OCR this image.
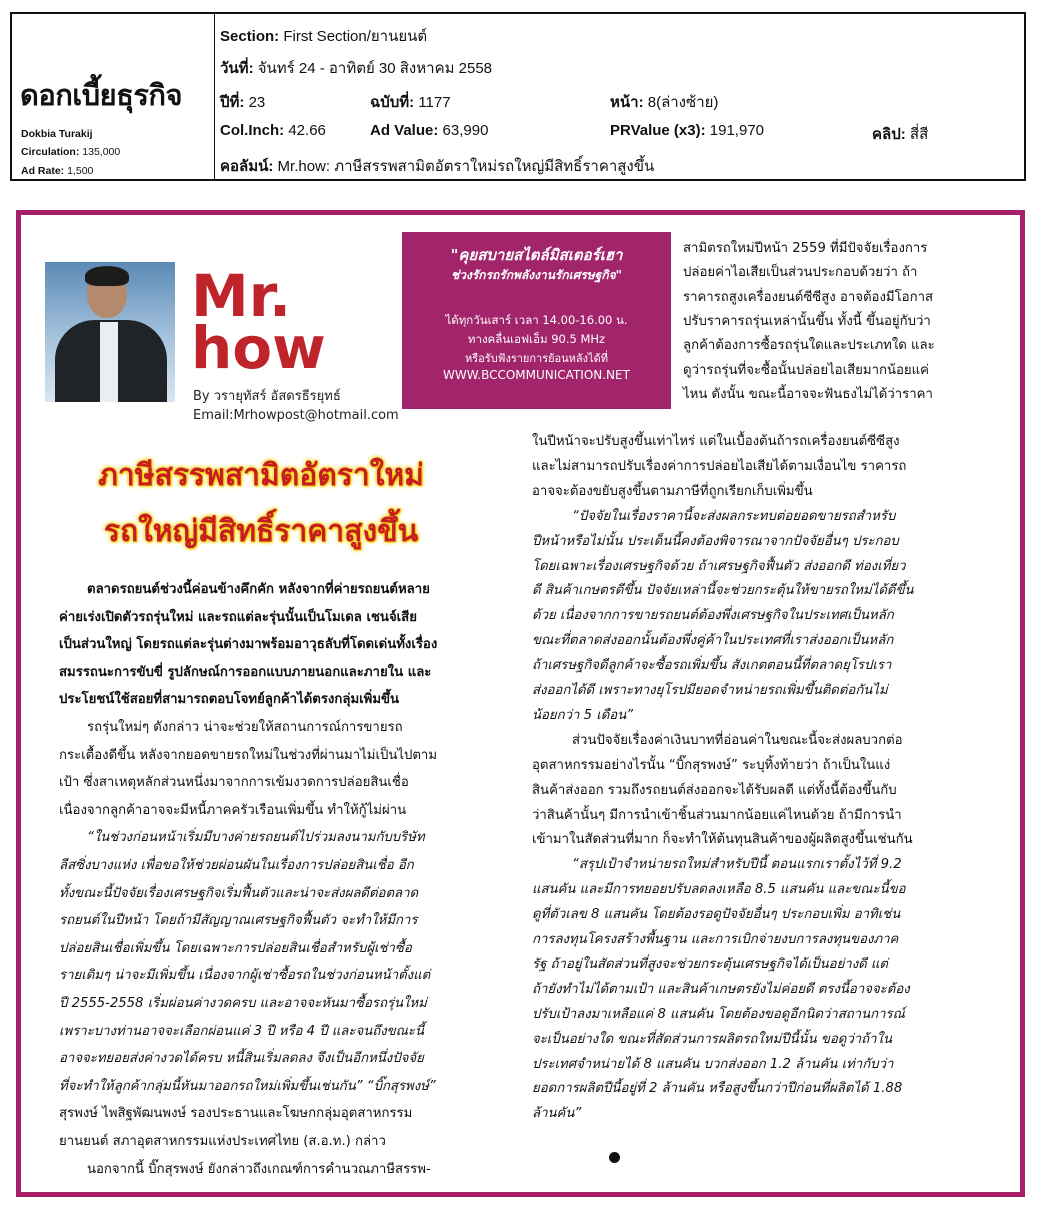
ดอกเบี้ยธุรกิจ
Dokbia Turakij
Circulation: 135,000
Ad Rate: 1,500
Section: First Section/ยานยนต์
วันที่: จันทร์ 24 - อาทิตย์ 30 สิงหาคม 2558
ปีที่: 23	ฉบับที่: 1177	หน้า: 8(ล่างซ้าย)
Col.Inch: 42.66	Ad Value: 63,990	PRValue (x3): 191,970	คลิป: สี่สี
คอลัมน์: Mr.how: ภาษีสรรพสามิตอัตราใหม่รถใหญ่มีสิทธิ์ราคาสูงขึ้น
Mr.
how
By วรายุทัสร์ อัสดรธีรยุทธ์
Email:Mrhowpost@hotmail.com
"คุยสบายสไตล์มิสเตอร์เฮา
ช่วงรักรถรักพลังงานรักเศรษฐกิจ"
ได้ทุกวันเสาร์ เวลา 14.00-16.00 น.
ทางคลื่นเอฟเอ็ม 90.5 MHz
หรือรับฟังรายการย้อนหลังได้ที่
WWW.BCCOMMUNICATION.NET
ภาษีสรรพสามิตอัตราใหม่
รถใหญ่มีสิทธิ์ราคาสูงขึ้น
ตลาดรถยนต์ช่วงนี้ค่อนข้างคึกคัก หลังจากที่ค่ายรถยนต์หลาย
ค่ายเร่งเปิดตัวรถรุ่นใหม่ และรถแต่ละรุ่นนั้นเป็นโมเดล เชนจ์เสีย
เป็นส่วนใหญ่ โดยรถแต่ละรุ่นต่างมาพร้อมอาวุธลับที่โดดเด่นทั้งเรื่อง
สมรรถนะการขับขี่ รูปลักษณ์การออกแบบภายนอกและภายใน และ
ประโยชน์ใช้สอยที่สามารถตอบโจทย์ลูกค้าได้ตรงกลุ่มเพิ่มขึ้น
รถรุ่นใหม่ๆ ดังกล่าว น่าจะช่วยให้สถานการณ์การขายรถ
กระเตื้องดีขึ้น หลังจากยอดขายรถใหม่ในช่วงที่ผ่านมาไม่เป็นไปตาม
เป้า ซึ่งสาเหตุหลักส่วนหนึ่งมาจากการเข้มงวดการปล่อยสินเชื่อ
เนื่องจากลูกค้าอาจจะมีหนี้ภาคครัวเรือนเพิ่มขึ้น ทำให้กู้ไม่ผ่าน
“ในช่วงก่อนหน้าเริ่มมีบางค่ายรถยนต์ไปร่วมลงนามกับบริษัท
ลีสซิ่งบางแห่ง เพื่อขอให้ช่วยผ่อนผันในเรื่องการปล่อยสินเชื่อ อีก
ทั้งขณะนี้ปัจจัยเรื่องเศรษฐกิจเริ่มฟื้นตัวและน่าจะส่งผลดีต่อตลาด
รถยนต์ในปีหน้า โดยถ้ามีสัญญาณเศรษฐกิจฟื้นตัว จะทำให้มีการ
ปล่อยสินเชื่อเพิ่มขึ้น โดยเฉพาะการปล่อยสินเชื่อสำหรับผู้เช่าซื้อ
รายเดิมๆ น่าจะมีเพิ่มขึ้น เนื่องจากผู้เช่าซื้อรถในช่วงก่อนหน้าตั้งแต่
ปี 2555-2558 เริ่มผ่อนค่างวดครบ และอาจจะหันมาซื้อรถรุ่นใหม่
เพราะบางท่านอาจจะเลือกผ่อนแค่ 3 ปี หรือ 4 ปี และจนถึงขณะนี้
อาจจะทยอยส่งค่างวดได้ครบ หนี้สินเริ่มลดลง จึงเป็นอีกหนึ่งปัจจัย
ที่จะทำให้ลูกค้ากลุ่มนี้หันมาออกรถใหม่เพิ่มขึ้นเช่นกัน” “บิ๊กสุรพงษ์”
สุรพงษ์ ไพสิฐพัฒนพงษ์ รองประธานและโฆษกกลุ่มอุตสาหกรรม
ยานยนต์ สภาอุตสาหกรรมแห่งประเทศไทย (ส.อ.ท.) กล่าว
นอกจากนี้ บิ๊กสุรพงษ์ ยังกล่าวถึงเกณฑ์การคำนวณภาษีสรรพ-
สามิตรถใหม่ปีหน้า 2559 ที่มีปัจจัยเรื่องการ
ปล่อยค่าไอเสียเป็นส่วนประกอบด้วยว่า ถ้า
ราคารถสูงเครื่องยนต์ซีซีสูง อาจต้องมีโอกาส
ปรับราคารถรุ่นเหล่านั้นขึ้น ทั้งนี้ ขึ้นอยู่กับว่า
ลูกค้าต้องการซื้อรถรุ่นใดและประเภทใด และ
ดูว่ารถรุ่นที่จะซื้อนั้นปล่อยไอเสียมากน้อยแค่
ไหน ดังนั้น ขณะนี้อาจจะฟันธงไม่ได้ว่าราคา
ในปีหน้าจะปรับสูงขึ้นเท่าไหร่ แต่ในเบื้องต้นถ้ารถเครื่องยนต์ซีซีสูง
และไม่สามารถปรับเรื่องค่าการปล่อยไอเสียได้ตามเงื่อนไข ราคารถ
อาจจะต้องขยับสูงขึ้นตามภาษีที่ถูกเรียกเก็บเพิ่มขึ้น
“ปัจจัยในเรื่องราคานี้จะส่งผลกระทบต่อยอดขายรถสำหรับ
ปีหน้าหรือไม่นั้น ประเด็นนี้คงต้องพิจารณาจากปัจจัยอื่นๆ ประกอบ
โดยเฉพาะเรื่องเศรษฐกิจด้วย ถ้าเศรษฐกิจฟื้นตัว ส่งออกดี ท่องเที่ยว
ดี สินค้าเกษตรดีขึ้น ปัจจัยเหล่านี้จะช่วยกระตุ้นให้ขายรถใหม่ได้ดีขึ้น
ด้วย เนื่องจากการขายรถยนต์ต้องพึ่งเศรษฐกิจในประเทศเป็นหลัก
ขณะที่ตลาดส่งออกนั้นต้องพึ่งคู่ค้าในประเทศที่เราส่งออกเป็นหลัก
ถ้าเศรษฐกิจดีลูกค้าจะซื้อรถเพิ่มขึ้น สังเกตตอนนี้ที่ตลาดยุโรปเรา
ส่งออกได้ดี เพราะทางยุโรปมียอดจำหน่ายรถเพิ่มขึ้นติดต่อกันไม่
น้อยกว่า 5 เดือน”
ส่วนปัจจัยเรื่องค่าเงินบาทที่อ่อนค่าในขณะนี้จะส่งผลบวกต่อ
อุตสาหกรรมอย่างไรนั้น “บิ๊กสุรพงษ์” ระบุทิ้งท้ายว่า ถ้าเป็นในแง่
สินค้าส่งออก รวมถึงรถยนต์ส่งออกจะได้รับผลดี แต่ทั้งนี้ต้องขึ้นกับ
ว่าสินค้านั้นๆ มีการนำเข้าชิ้นส่วนมากน้อยแค่ไหนด้วย ถ้ามีการนำ
เข้ามาในสัดส่วนที่มาก ก็จะทำให้ต้นทุนสินค้าของผู้ผลิตสูงขึ้นเช่นกัน
“สรุปเป้าจำหน่ายรถใหม่สำหรับปีนี้ ตอนแรกเราตั้งไว้ที่ 9.2
แสนคัน และมีการทยอยปรับลดลงเหลือ 8.5 แสนคัน และขณะนี้ขอ
ดูที่ตัวเลข 8 แสนคัน โดยต้องรอดูปัจจัยอื่นๆ ประกอบเพิ่ม อาทิเช่น
การลงทุนโครงสร้างพื้นฐาน และการเบิกจ่ายงบการลงทุนของภาค
รัฐ ถ้าอยู่ในสัดส่วนที่สูงจะช่วยกระตุ้นเศรษฐกิจได้เป็นอย่างดี แต่
ถ้ายังทำไม่ได้ตามเป้า และสินค้าเกษตรยังไม่ค่อยดี ตรงนี้อาจจะต้อง
ปรับเป้าลงมาเหลือแค่ 8 แสนคัน โดยต้องขอดูอีกนิดว่าสถานการณ์
จะเป็นอย่างใด ขณะที่สัดส่วนการผลิตรถใหม่ปีนี้นั้น ขอดูว่าถ้าใน
ประเทศจำหน่ายได้ 8 แสนคัน บวกส่งออก 1.2 ล้านคัน เท่ากับว่า
ยอดการผลิตปีนี้อยู่ที่ 2 ล้านคัน หรือสูงขึ้นกว่าปีก่อนที่ผลิตได้ 1.88
ล้านคัน”
